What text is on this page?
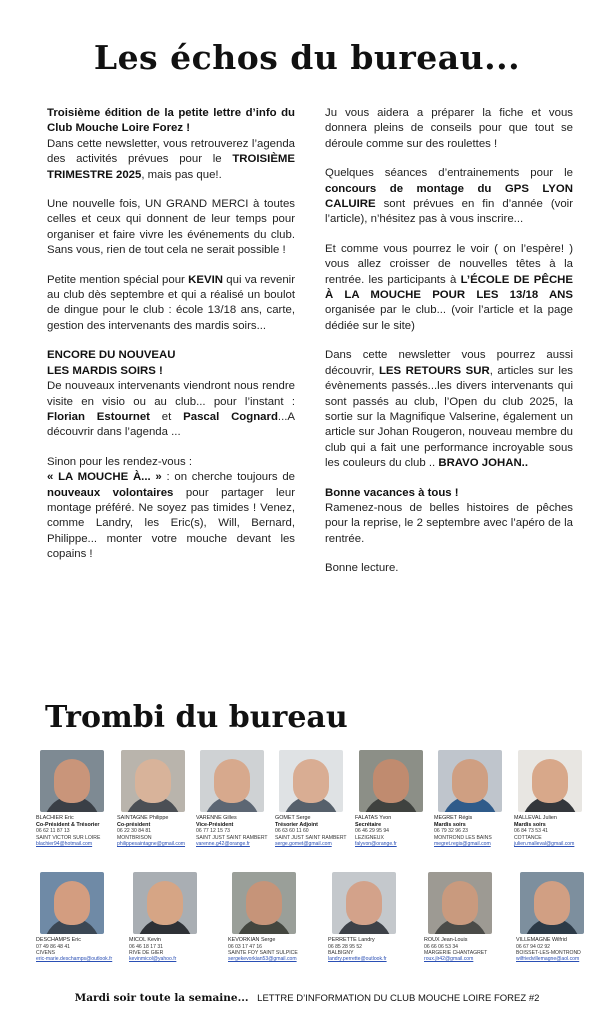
Les échos du bureau...

Troisième édition de la petite lettre d’info du Club Mouche Loire Forez !
Dans cette newsletter, vous retrouverez l’agenda des activités prévues pour le TROISIÈME TRIMESTRE 2025, mais pas que!.

Une nouvelle fois, UN GRAND MERCI à toutes celles et ceux qui donnent de leur temps pour organiser et faire vivre les événements du club. Sans vous, rien de tout cela ne serait possible !

Petite mention spécial pour KEVIN qui va revenir au club dès septembre et qui a réalisé un boulot de dingue pour le club : école 13/18 ans, carte, gestion des intervenants des mardis soirs...

ENCORE DU NOUVEAU
LES MARDIS SOIRS !
De nouveaux intervenants viendront nous rendre visite en visio ou au club... pour l’instant : Florian Estournet et Pascal Cognard...A découvrir dans l’agenda ...

Sinon pour les rendez-vous :
« LA MOUCHE À... » : on cherche toujours de nouveaux volontaires pour partager leur montage préféré. Ne soyez pas timides ! Venez, comme Landry, les Eric(s), Will, Bernard, Philippe... monter votre mouche devant les copains !

Ju vous aidera a préparer la fiche et vous donnera pleins de conseils pour que tout se déroule comme sur des roulettes !

Quelques séances d’entrainements pour le concours de montage du GPS LYON CALUIRE sont prévues en fin d’année (voir l’article), n’hésitez pas à vous inscrire...

Et comme vous pourrez le voir ( on l’espère! ) vous allez croisser de nouvelles têtes à la rentrée. les participants à L’ÉCOLE DE PÊCHE À LA MOUCHE POUR LES 13/18 ANS organisée par le club... (voir l’article et la page dédiée sur le site)

Dans cette newsletter vous pourrez aussi découvrir, LES RETOURS SUR, articles sur les évènements passés...les divers intervenants qui sont passés au club, l’Open du club 2025, la sortie sur la Magnifique Valserine, également un article sur Johan Rougeron, nouveau membre du club qui a fait une performance incroyable sous les couleurs du club .. BRAVO JOHAN..

Bonne vacances à tous !
Ramenez-nous de belles histoires de pêches pour la reprise, le 2 septembre avec l’apéro de la rentrée.

Bonne lecture.

Trombi du bureau
BLACHIER Eric
Co-Président & Trésorier
06 62 11 87 13
SAINT VICTOR SUR LOIRE
blachier94@hotmail.com
SAINTAGNE Philippe
Co-président
06 22 30 84 81
MONTBRISON
philippesaintagne@gmail.com
VARENNE Gilles
Vice-Président
06 77 12 15 73
SAINT JUST SAINT RAMBERT
varenne.g42@orange.fr
GOMET Serge
Trésorier Adjoint
06 63 60 11 60
SAINT JUST SAINT RAMBERT
serge.gomet@gmail.com
FALATAS Yvon
Secrétaire
06 46 29 95 94
LEZIGNEUX
falyvon@orange.fr
MEGRET Régis
Mardis soirs
06 79 32 96 23
MONTROND LES BAINS
megret.regis@gmail.com
MALLEVAL Julien
Mardis soirs
06 84 73 53 41
COTTANCE
julien.malleval@gmail.com
DESCHAMPS Eric
07 49 86 48 41
CIVENS
eric-marie.deschamps@outlook.fr
MICOL Kevin
06 46 18 17 31
RIVE DE GIER
kevinmicol@yahoo.fr
KEVORKIAN Serge
06 03 17 47 16
SAINTE FOY SAINT SULPICE
sergekevorkian53@gmail.com
PERRETTE Landry
06 85 28 95 52
BALBIGNY
landry.perrette@outlook.fr
ROUX Jean-Louis
06 66 06 53 34
MARGERIE CHANTAGRET
roux.jlr42@gmail.com
VILLEMAGNE Wilfrid
06 67 94 02 92
BOISSET-LES-MONTROND
wilfriedvillemagne@aol.com
Mardi soir toute la semaine... LETTRE D’INFORMATION DU CLUB MOUCHE LOIRE FOREZ #2
